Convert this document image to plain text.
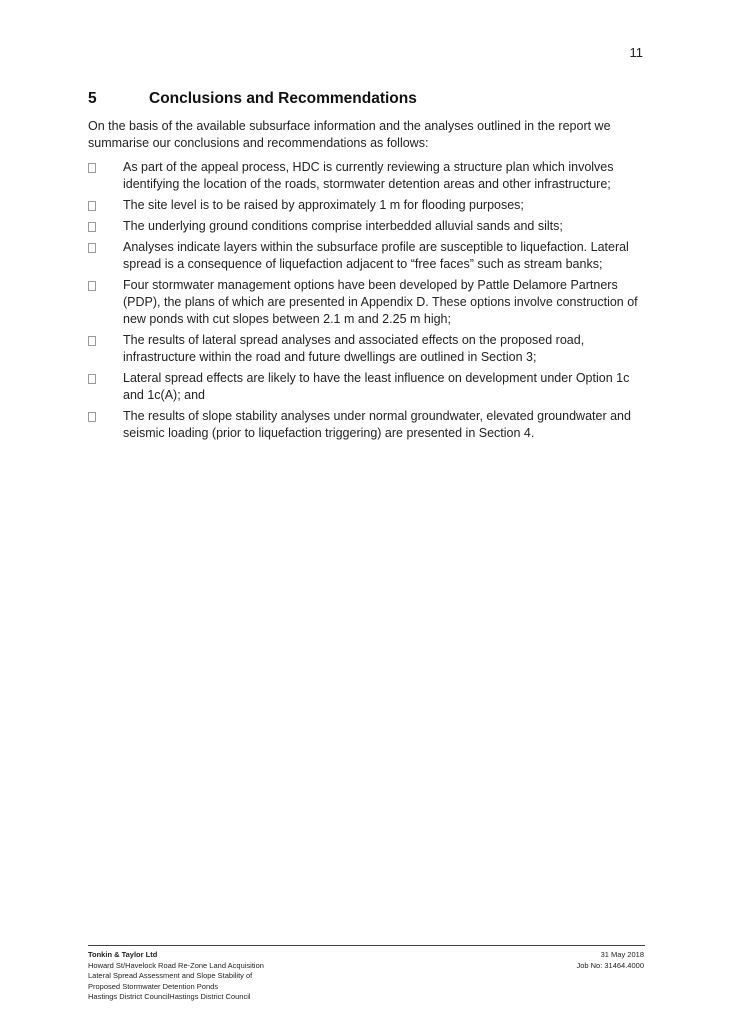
11
5	Conclusions and Recommendations
On the basis of the available subsurface information and the analyses outlined in the report we summarise our conclusions and recommendations as follows:
As part of the appeal process, HDC is currently reviewing a structure plan which involves identifying the location of the roads, stormwater detention areas and other infrastructure;
The site level is to be raised by approximately 1 m for flooding purposes;
The underlying ground conditions comprise interbedded alluvial sands and silts;
Analyses indicate layers within the subsurface profile are susceptible to liquefaction. Lateral spread is a consequence of liquefaction adjacent to “free faces” such as stream banks;
Four stormwater management options have been developed by Pattle Delamore Partners (PDP), the plans of which are presented in Appendix D. These options involve construction of new ponds with cut slopes between 2.1 m and 2.25 m high;
The results of lateral spread analyses and associated effects on the proposed road, infrastructure within the road and future dwellings are outlined in Section 3;
Lateral spread effects are likely to have the least influence on development under Option 1c and 1c(A); and
The results of slope stability analyses under normal groundwater, elevated groundwater and seismic loading (prior to liquefaction triggering) are presented in Section 4.
Tonkin & Taylor Ltd
Howard St/Havelock Road Re-Zone Land Acquisition
Lateral Spread Assessment and Slope Stability of
Proposed Stormwater Detention Ponds
Hastings District CouncilHastings District Council
31 May 2018
Job No: 31464.4000
